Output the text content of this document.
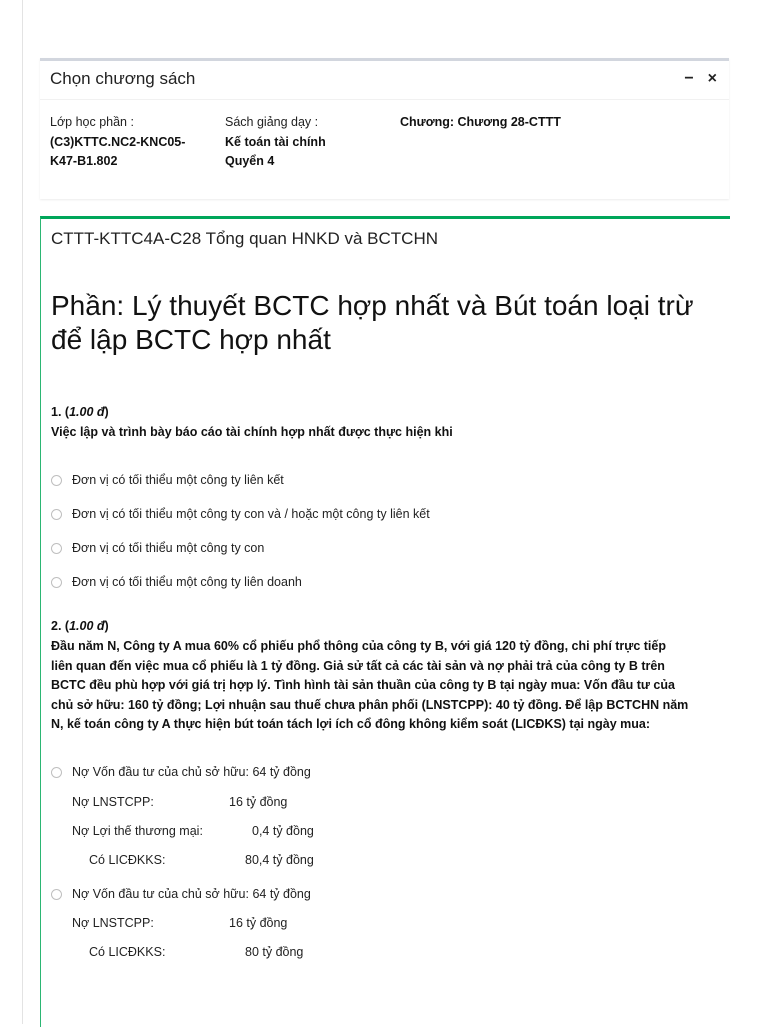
Chọn chương sách	− ×
Lớp học phần :
(C3)KTTC.NC2-KNC05-
K47-B1.802
Sách giảng dạy :
Kế toán tài chính
Quyển 4
Chương: Chương 28-CTTT
CTTT-KTTC4A-C28 Tổng quan HNKD và BCTCHN
Phần: Lý thuyết BCTC hợp nhất và Bút toán loại trừ để lập BCTC hợp nhất
1. (1.00 đ)
Việc lập và trình bày báo cáo tài chính hợp nhất được thực hiện khi
Đơn vị có tối thiểu một công ty liên kết
Đơn vị có tối thiểu một công ty con và / hoặc một công ty liên kết
Đơn vị có tối thiểu một công ty con
Đơn vị có tối thiểu một công ty liên doanh
2. (1.00 đ)
Đầu năm N, Công ty A mua 60% cổ phiếu phổ thông của công ty B, với giá 120 tỷ đồng, chi phí trực tiếp
liên quan đến việc mua cổ phiếu là 1 tỷ đồng. Giả sử tất cả các tài sản và nợ phải trả của công ty B trên
BCTC đều phù hợp với giá trị hợp lý. Tình hình tài sản thuần của công ty B tại ngày mua: Vốn đầu tư của
chủ sở hữu: 160 tỷ đồng; Lợi nhuận sau thuế chưa phân phối (LNSTCPP): 40 tỷ đồng. Để lập BCTCHN năm
N, kế toán công ty A thực hiện bút toán tách lợi ích cổ đông không kiểm soát (LICĐKS) tại ngày mua:
Nợ Vốn đầu tư của chủ sở hữu: 64 tỷ đồng
Nợ LNSTCPP:	16 tỷ đồng
Nợ Lợi thế thương mại:	0,4 tỷ đồng
Có LICĐKKS:	80,4 tỷ đồng
Nợ Vốn đầu tư của chủ sở hữu: 64 tỷ đồng
Nợ LNSTCPP:	16 tỷ đồng
Có LICĐKKS:	80 tỷ đồng
